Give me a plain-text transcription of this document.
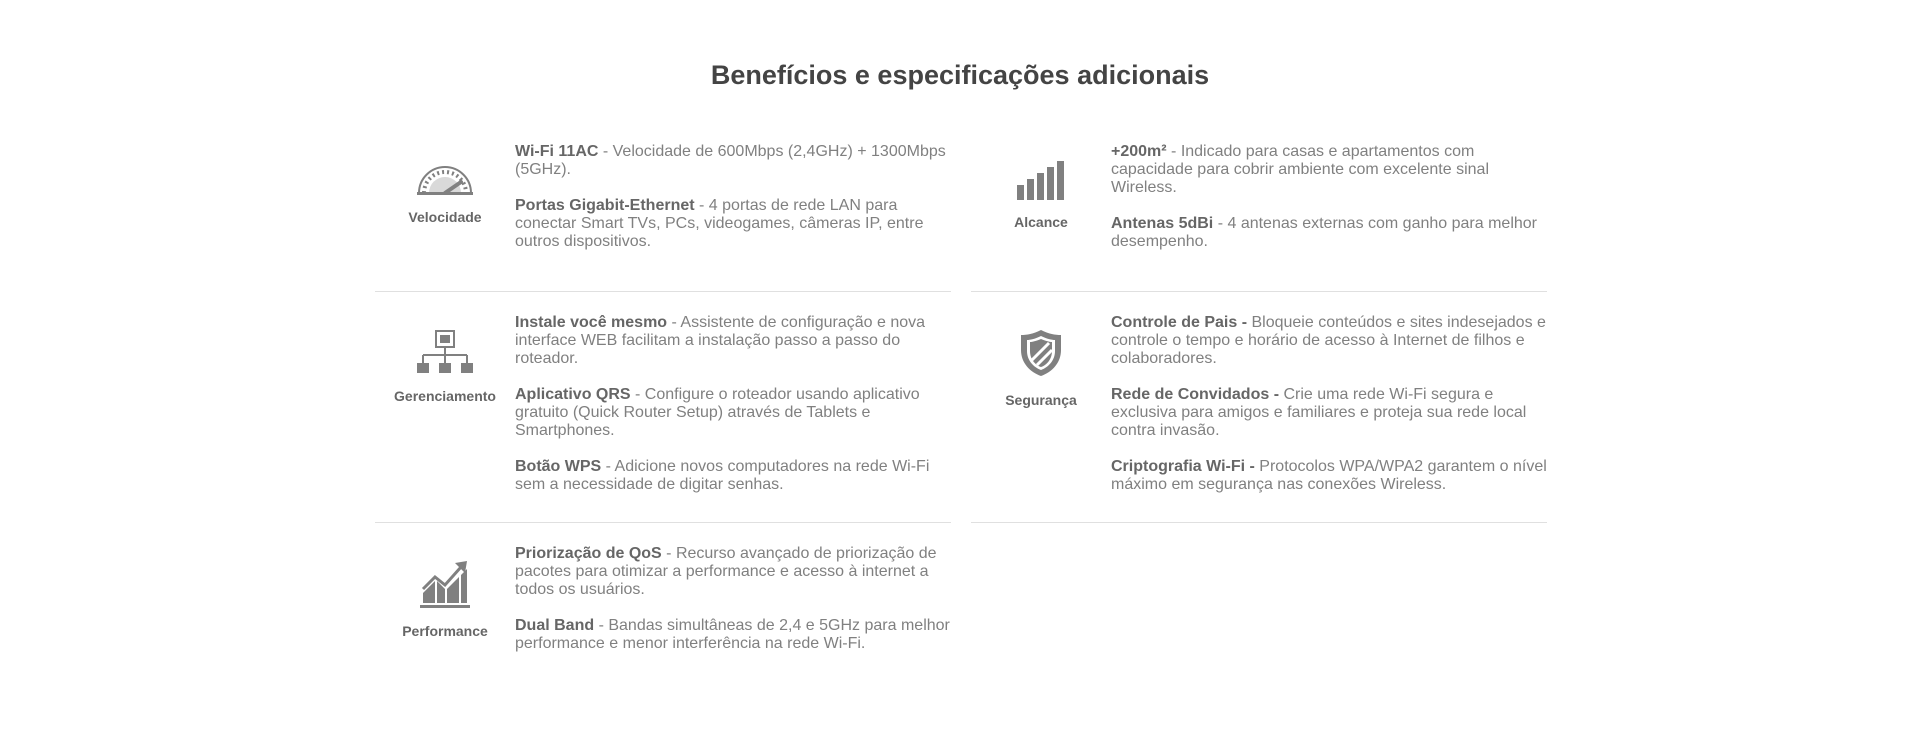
Benefícios e especificações adicionais
Velocidade

Wi-Fi 11AC - Velocidade de 600Mbps (2,4GHz) + 1300Mbps (5GHz).

Portas Gigabit-Ethernet - 4 portas de rede LAN para conectar Smart TVs, PCs, videogames, câmeras IP, entre outros dispositivos.

Alcance

+200m² - Indicado para casas e apartamentos com capacidade para cobrir ambiente com excelente sinal Wireless.

Antenas 5dBi - 4 antenas externas com ganho para melhor desempenho.

Gerenciamento

Instale você mesmo - Assistente de configuração e nova interface WEB facilitam a instalação passo a passo do roteador.

Aplicativo QRS - Configure o roteador usando aplicativo gratuito (Quick Router Setup) através de Tablets e Smartphones.

Botão WPS - Adicione novos computadores na rede Wi-Fi sem a necessidade de digitar senhas.

Segurança

Controle de Pais - Bloqueie conteúdos e sites indesejados e controle o tempo e horário de acesso à Internet de filhos e colaboradores.

Rede de Convidados - Crie uma rede Wi-Fi segura e exclusiva para amigos e familiares e proteja sua rede local contra invasão.

Criptografia Wi-Fi - Protocolos WPA/WPA2 garantem o nível máximo em segurança nas conexões Wireless.

Performance

Priorização de QoS - Recurso avançado de priorização de pacotes para otimizar a performance e acesso à internet a todos os usuários.

Dual Band - Bandas simultâneas de 2,4 e 5GHz para melhor performance e menor interferência na rede Wi-Fi.
